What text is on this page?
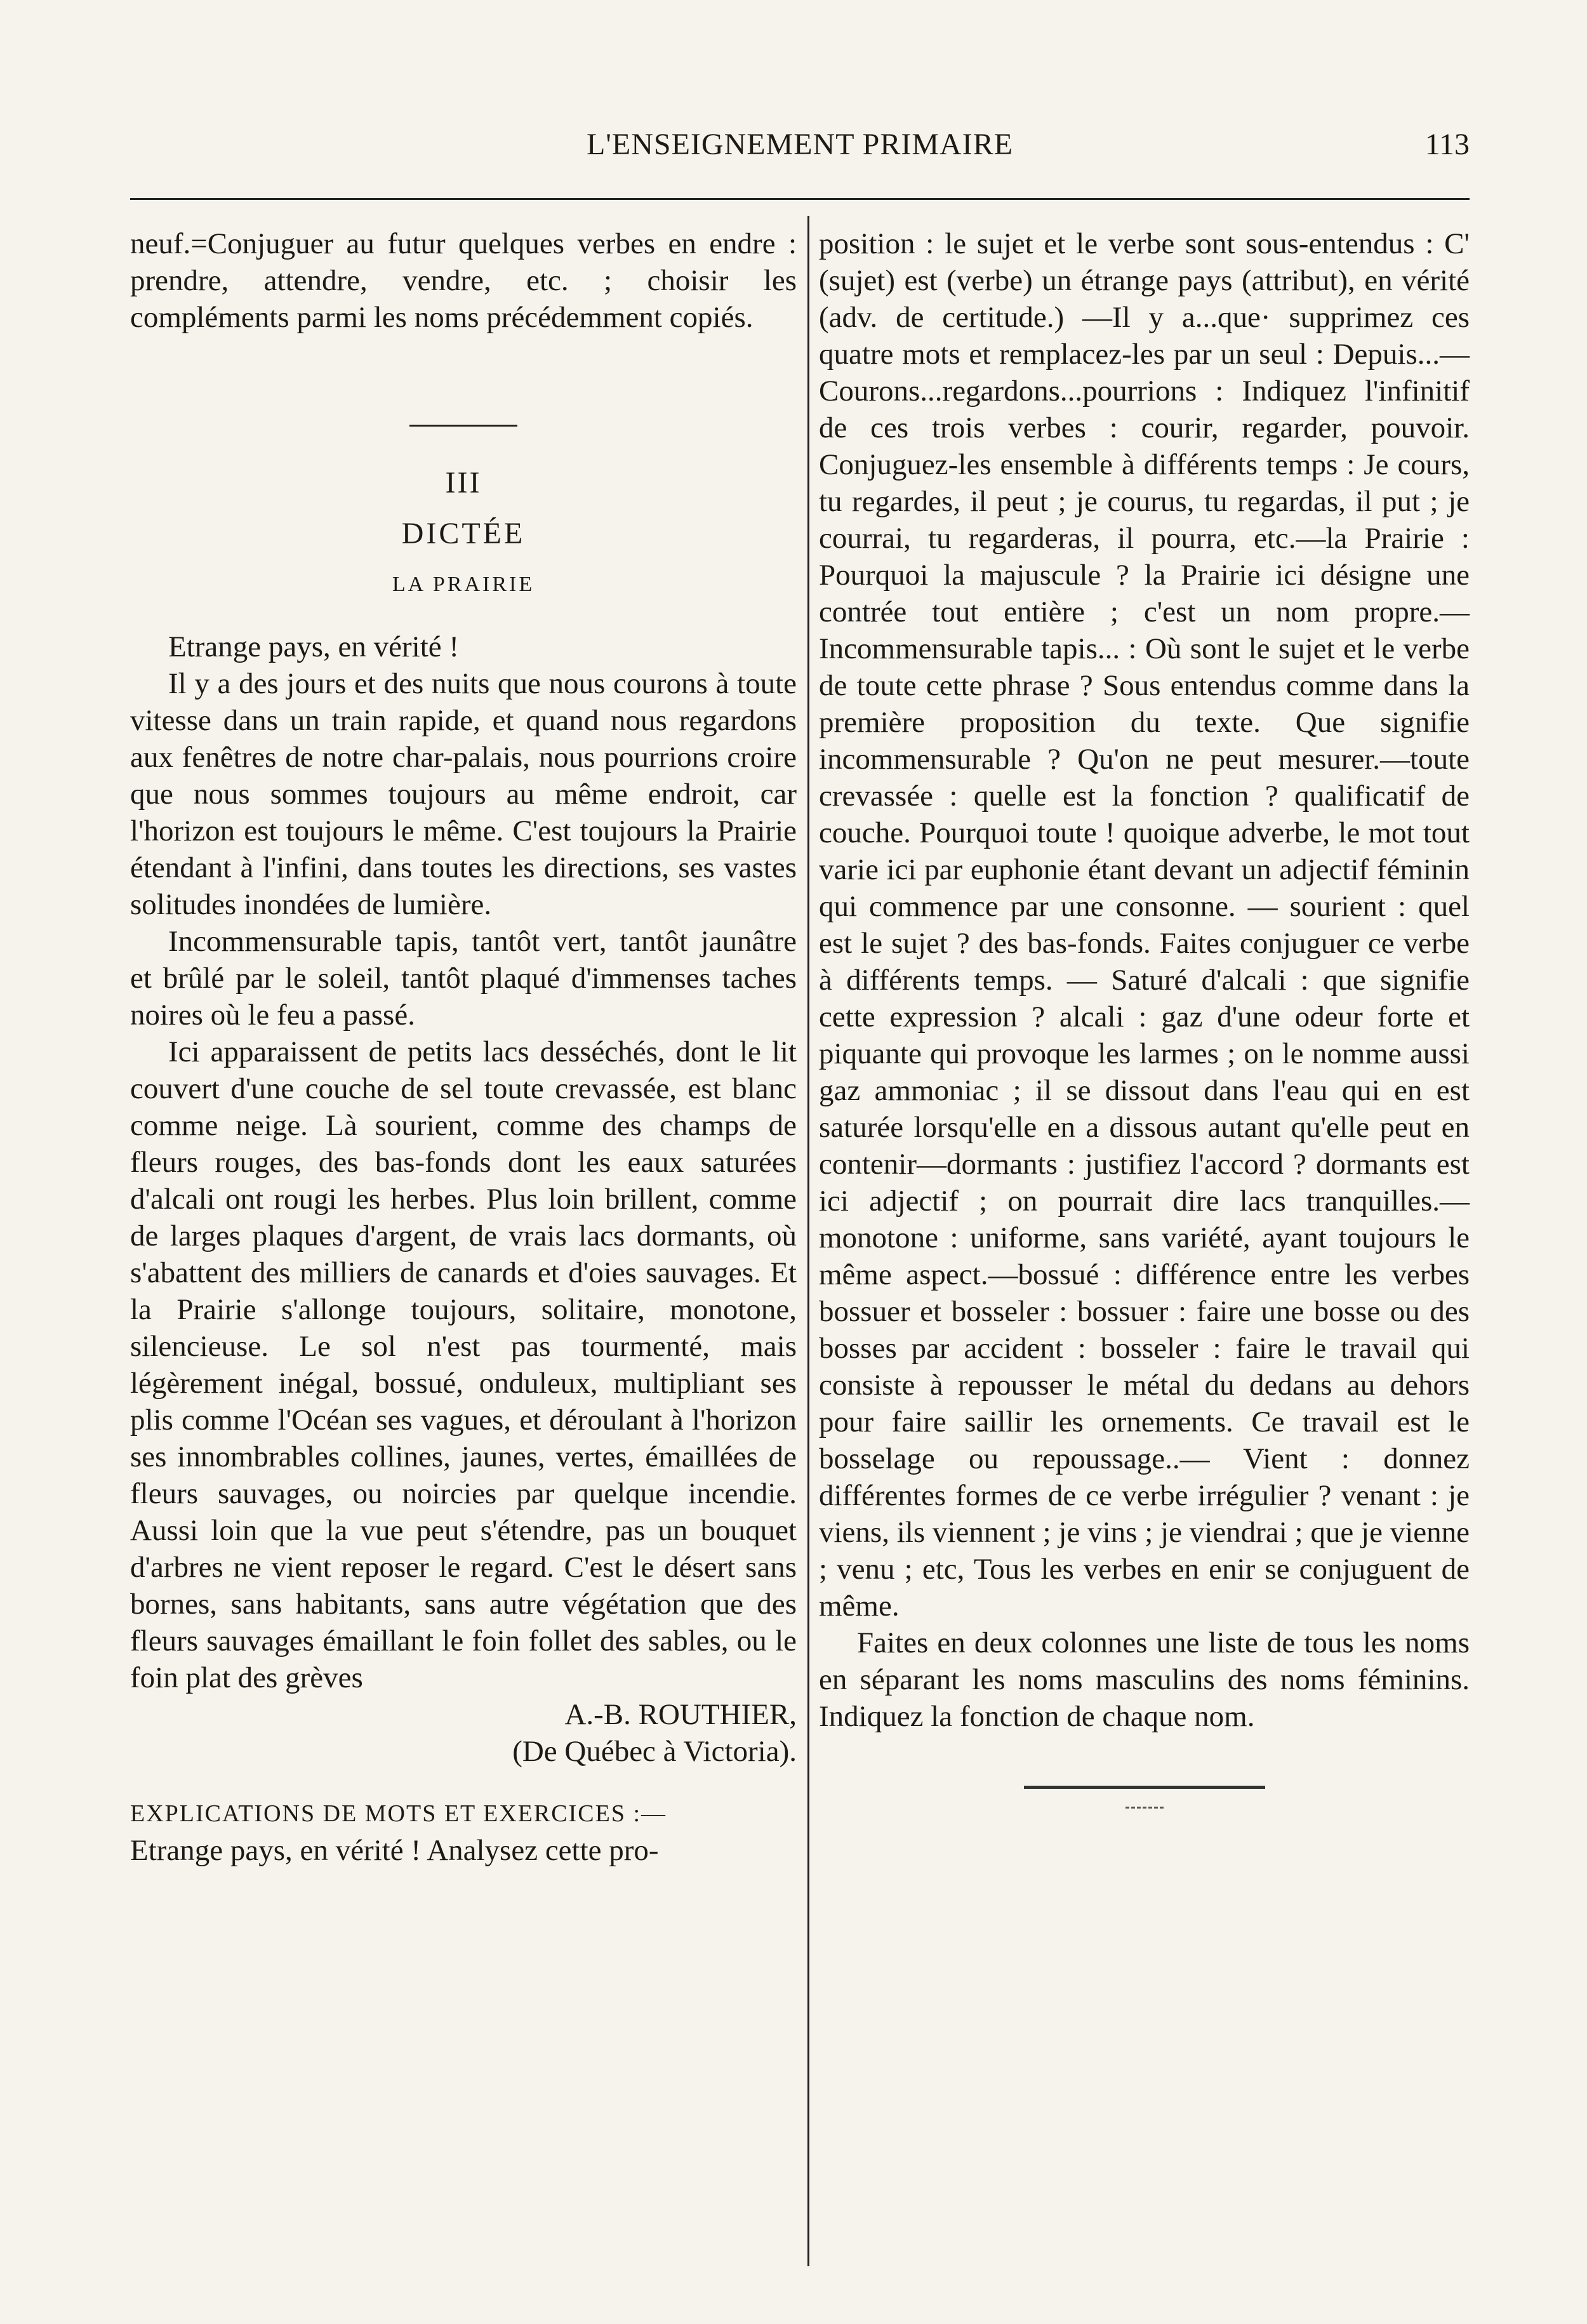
L'ENSEIGNEMENT PRIMAIRE	113

neuf.=Conjuguer au futur quelques verbes en endre : prendre, attendre, vendre, etc. ; choisir les compléments parmi les noms précédemment copiés.

III

DICTÉE

LA PRAIRIE

Etrange pays, en vérité !

Il y a des jours et des nuits que nous courons à toute vitesse dans un train rapide, et quand nous regardons aux fenêtres de notre char-palais, nous pourrions croire que nous sommes toujours au même endroit, car l'horizon est toujours le même. C'est toujours la Prairie étendant à l'infini, dans toutes les directions, ses vastes solitudes inondées de lumière.

Incommensurable tapis, tantôt vert, tantôt jaunâtre et brûlé par le soleil, tantôt plaqué d'immenses taches noires où le feu a passé.

Ici apparaissent de petits lacs desséchés, dont le lit couvert d'une couche de sel toute crevassée, est blanc comme neige. Là sourient, comme des champs de fleurs rouges, des bas-fonds dont les eaux saturées d'alcali ont rougi les herbes. Plus loin brillent, comme de larges plaques d'argent, de vrais lacs dormants, où s'abattent des milliers de canards et d'oies sauvages. Et la Prairie s'allonge toujours, solitaire, monotone, silencieuse. Le sol n'est pas tourmenté, mais légèrement inégal, bossué, onduleux, multipliant ses plis comme l'Océan ses vagues, et déroulant à l'horizon ses innombrables collines, jaunes, vertes, émaillées de fleurs sauvages, ou noircies par quelque incendie. Aussi loin que la vue peut s'étendre, pas un bouquet d'arbres ne vient reposer le regard. C'est le désert sans bornes, sans habitants, sans autre végétation que des fleurs sauvages émaillant le foin follet des sables, ou le foin plat des grèves

A.-B. ROUTHIER,

(De Québec à Victoria).

EXPLICATIONS DE MOTS ET EXERCICES :—

Etrange pays, en vérité ! Analysez cette pro-

position : le sujet et le verbe sont sous-entendus : C' (sujet) est (verbe) un étrange pays (attribut), en vérité (adv. de certitude.) —Il y a...que· supprimez ces quatre mots et remplacez-les par un seul : Depuis...— Courons...regardons...pourrions : Indiquez l'infinitif de ces trois verbes : courir, regarder, pouvoir. Conjuguez-les ensemble à différents temps : Je cours, tu regardes, il peut ; je courus, tu regardas, il put ; je courrai, tu regarderas, il pourra, etc.—la Prairie : Pourquoi la majuscule ? la Prairie ici désigne une contrée tout entière ; c'est un nom propre.— Incommensurable tapis... : Où sont le sujet et le verbe de toute cette phrase ? Sous entendus comme dans la première proposition du texte. Que signifie incommensurable ? Qu'on ne peut mesurer.—toute crevassée : quelle est la fonction ? qualificatif de couche. Pourquoi toute ! quoique adverbe, le mot tout varie ici par euphonie étant devant un adjectif féminin qui commence par une consonne. — sourient : quel est le sujet ? des bas-fonds. Faites conjuguer ce verbe à différents temps. — Saturé d'alcali : que signifie cette expression ? alcali : gaz d'une odeur forte et piquante qui provoque les larmes ; on le nomme aussi gaz ammoniac ; il se dissout dans l'eau qui en est saturée lorsqu'elle en a dissous autant qu'elle peut en contenir—dormants : justifiez l'accord ? dormants est ici adjectif ; on pourrait dire lacs tranquilles.— monotone : uniforme, sans variété, ayant toujours le même aspect.—bossué : différence entre les verbes bossuer et bosseler : bossuer : faire une bosse ou des bosses par accident : bosseler : faire le travail qui consiste à repousser le métal du dedans au dehors pour faire saillir les ornements. Ce travail est le bosselage ou repoussage..— Vient : donnez différentes formes de ce verbe irrégulier ? venant : je viens, ils viennent ; je vins ; je viendrai ; que je vienne ; venu ; etc, Tous les verbes en enir se conjuguent de même.

Faites en deux colonnes une liste de tous les noms en séparant les noms masculins des noms féminins. Indiquez la fonction de chaque nom.
